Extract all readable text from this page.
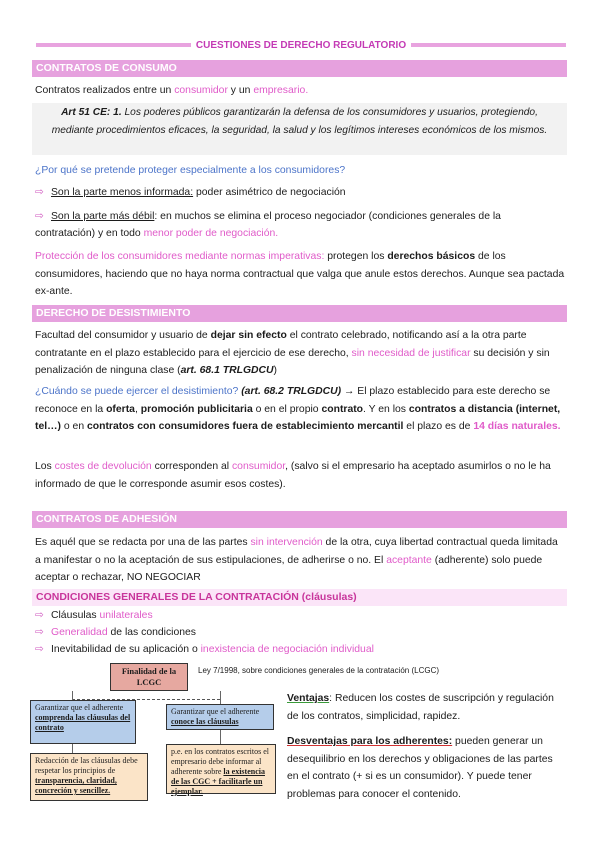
CUESTIONES DE DERECHO REGULATORIO
CONTRATOS DE CONSUMO
Contratos realizados entre un consumidor y un empresario.
Art 51 CE: 1. Los poderes públicos garantizarán la defensa de los consumidores y usuarios, protegiendo, mediante procedimientos eficaces, la seguridad, la salud y los legítimos intereses económicos de los mismos.
¿Por qué se pretende proteger especialmente a los consumidores?
⇨ Son la parte menos informada: poder asimétrico de negociación
⇨ Son la parte más débil: en muchos se elimina el proceso negociador (condiciones generales de la contratación) y en todo menor poder de negociación.
Protección de los consumidores mediante normas imperativas: protegen los derechos básicos de los consumidores, haciendo que no haya norma contractual que valga que anule estos derechos. Aunque sea pactada ex-ante.
DERECHO DE DESISTIMIENTO
Facultad del consumidor y usuario de dejar sin efecto el contrato celebrado, notificando así a la otra parte contratante en el plazo establecido para el ejercicio de ese derecho, sin necesidad de justificar su decisión y sin penalización de ninguna clase (art. 68.1 TRLGDCU)
¿Cuándo se puede ejercer el desistimiento? (art. 68.2 TRLGDCU) → El plazo establecido para este derecho se reconoce en la oferta, promoción publicitaria o en el propio contrato. Y en los contratos a distancia (internet, tel…) o en contratos con consumidores fuera de establecimiento mercantil el plazo es de 14 días naturales.
Los costes de devolución corresponden al consumidor, (salvo si el empresario ha aceptado asumirlos o no le ha informado de que le corresponde asumir esos costes).
CONTRATOS DE ADHESIÓN
Es aquél que se redacta por una de las partes sin intervención de la otra, cuya libertad contractual queda limitada a manifestar o no la aceptación de sus estipulaciones, de adherirse o no. El aceptante (adherente) solo puede aceptar o rechazar, NO NEGOCIAR
CONDICIONES GENERALES DE LA CONTRATACIÓN (cláusulas)
⇨ Cláusulas unilaterales
⇨ Generalidad de las condiciones
⇨ Inevitabilidad de su aplicación o inexistencia de negociación individual
Finalidad de la LCGC
Ley 7/1998, sobre condiciones generales de la contratación (LCGC)
Garantizar que el adherente comprenda las cláusulas del contrato
Garantizar que el adherente conoce las cláusulas
Redacción de las cláusulas debe respetar los principios de transparencia, claridad, concreción y sencillez.
p.e. en los contratos escritos el empresario debe informar al adherente sobre la existencia de las CGC + facilitarle un ejemplar.
Ventajas: Reducen los costes de suscripción y regulación de los contratos, simplicidad, rapidez.
Desventajas para los adherentes: pueden generar un desequilibrio en los derechos y obligaciones de las partes en el contrato (+ si es un consumidor). Y puede tener problemas para conocer el contenido.
